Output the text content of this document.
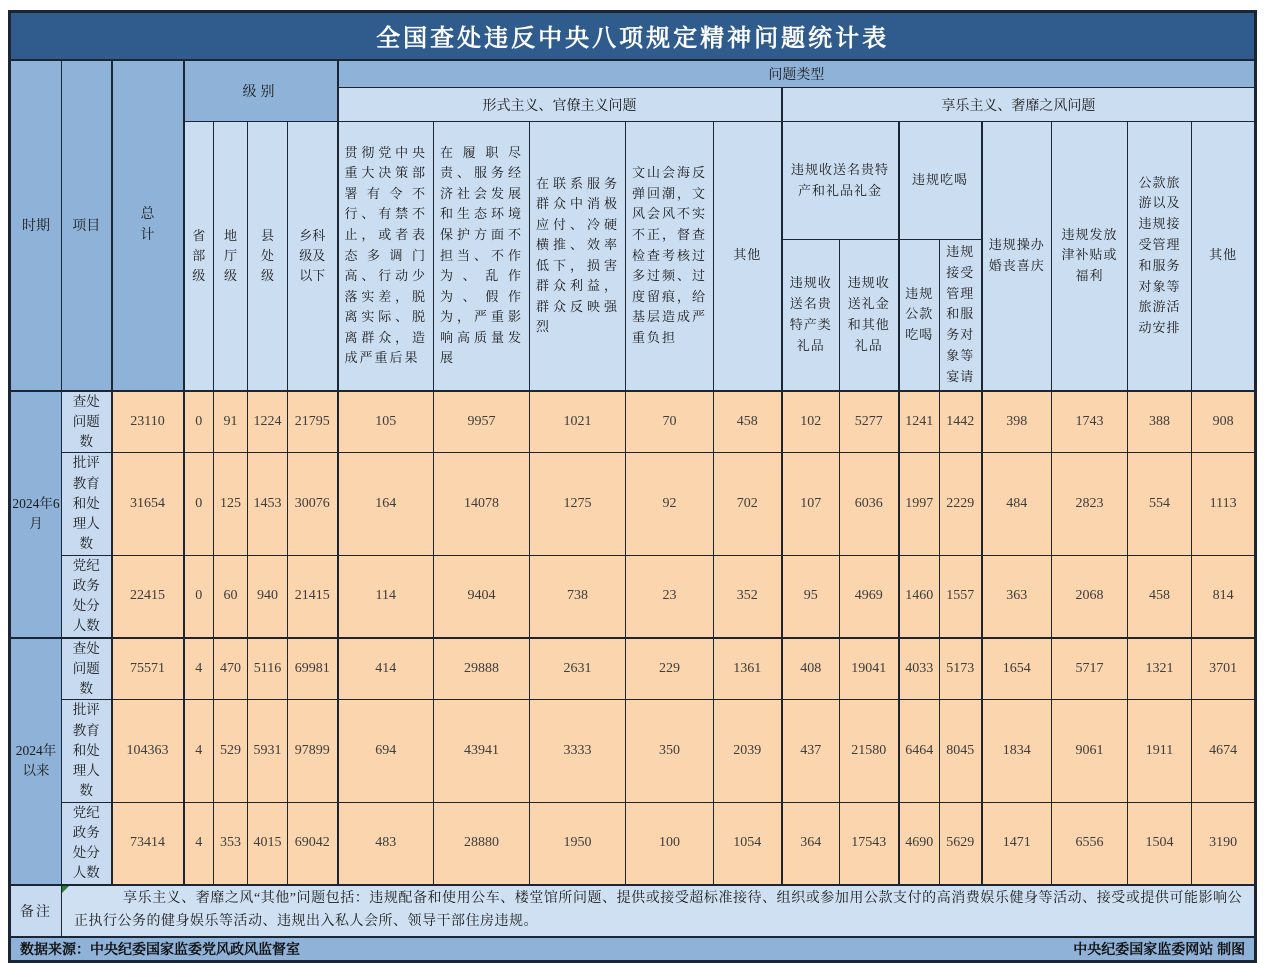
全国查处违反中央八项规定精神问题统计表																			
时期	项目	总计	级别				问题类型												
							形式主义、官僚主义问题					享乐主义、奢靡之风问题							
			省部级	地厅级	县处级	乡科级及以下	贯彻党中央重大决策部署有令不行、有禁不止，或者表态多调门高、行动少落实差，脱离实际、脱离群众，造成严重后果	在履职尽责、服务经济社会发展和生态环境保护方面不担当、不作为、乱作为、假作为，严重影响高质量发展	在联系服务群众中消极应付、冷硬横推、效率低下，损害群众利益，群众反映强烈	文山会海反弹回潮，文风会风不实不正，督查检查考核过多过频、过度留痕，给基层造成严重负担	其他	违规收送名贵特产和礼品礼金		违规吃喝		违规操办婚丧喜庆	违规发放津补贴或福利	公款旅游以及违规接受管理和服务对象等旅游活动安排	其他
												违规收送名贵特产类礼品	违规收送礼金和其他礼品	违规公款吃喝	违规接受管理和服务对象等宴请				
2024年6月	查处问题数	23110	0	91	1224	21795	105	9957	1021	70	458	102	5277	1241	1442	398	1743	388	908
	批评教育和处理人数	31654	0	125	1453	30076	164	14078	1275	92	702	107	6036	1997	2229	484	2823	554	1113
	党纪政务处分人数	22415	0	60	940	21415	114	9404	738	23	352	95	4969	1460	1557	363	2068	458	814
2024年以来	查处问题数	75571	4	470	5116	69981	414	29888	2631	229	1361	408	19041	4033	5173	1654	5717	1321	3701
	批评教育和处理人数	104363	4	529	5931	97899	694	43941	3333	350	2039	437	21580	6464	8045	1834	9061	1911	4674
	党纪政务处分人数	73414	4	353	4015	69042	483	28880	1950	100	1054	364	17543	4690	5629	1471	6556	1504	3190
备注	享乐主义、奢靡之风“其他”问题包括：违规配备和使用公车、楼堂馆所问题、提供或接受超标准接待、组织或参加用公款支付的高消费娱乐健身等活动、接受或提供可能影响公正执行公务的健身娱乐等活动、违规出入私人会所、领导干部住房违规。																		

数据来源：中央纪委国家监委党风政风监督室 中央纪委国家监委网站 制图																			
